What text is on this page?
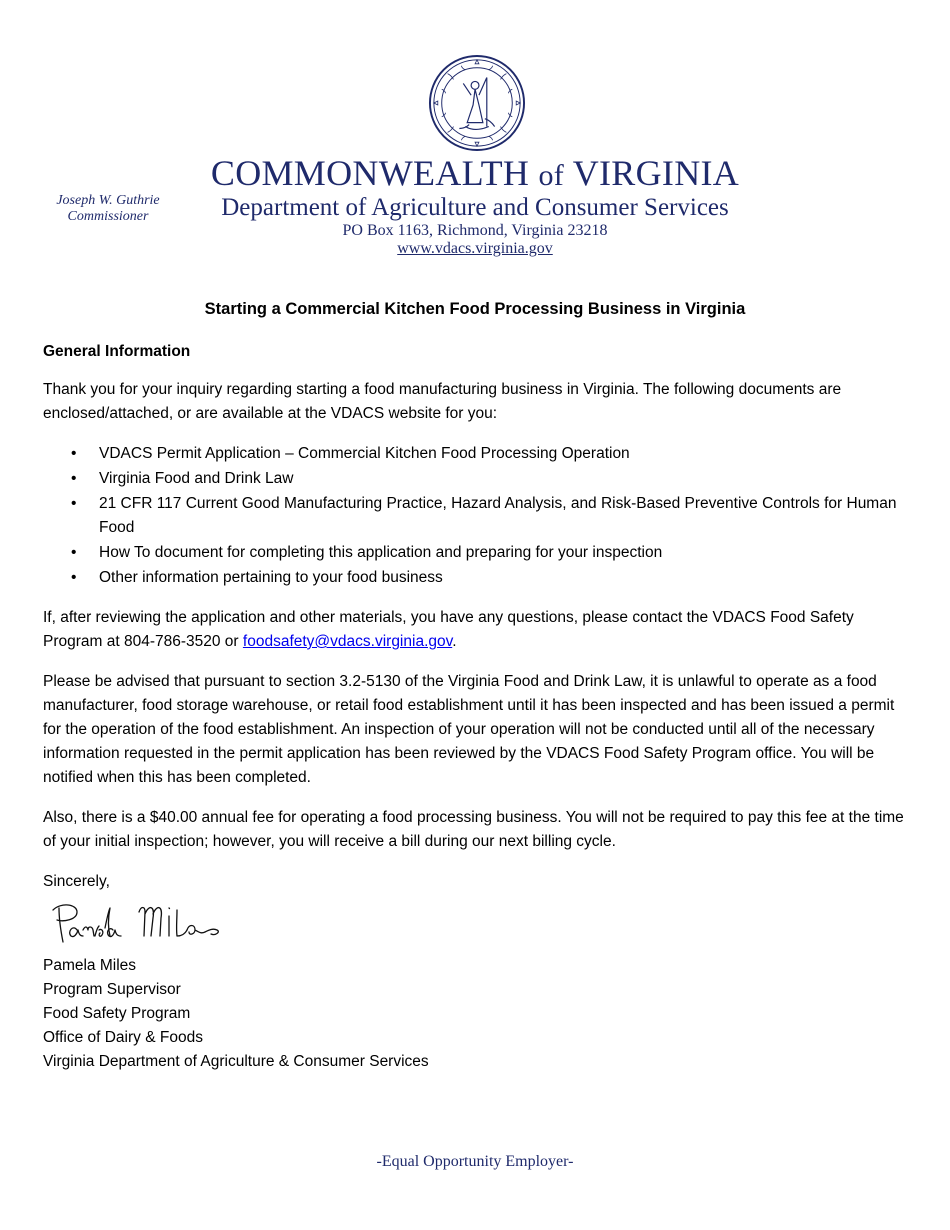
Joseph W. Guthrie
Commissioner
COMMONWEALTH of VIRGINIA
Department of Agriculture and Consumer Services
PO Box 1163, Richmond, Virginia 23218
www.vdacs.virginia.gov
Starting a Commercial Kitchen Food Processing Business in Virginia
General Information

Thank you for your inquiry regarding starting a food manufacturing business in Virginia. The following documents are enclosed/attached, or are available at the VDACS website for you:

• VDACS Permit Application – Commercial Kitchen Food Processing Operation
• Virginia Food and Drink Law
• 21 CFR 117 Current Good Manufacturing Practice, Hazard Analysis, and Risk-Based Preventive Controls for Human Food
• How To document for completing this application and preparing for your inspection
• Other information pertaining to your food business

If, after reviewing the application and other materials, you have any questions, please contact the VDACS Food Safety Program at 804-786-3520 or foodsafety@vdacs.virginia.gov.

Please be advised that pursuant to section 3.2-5130 of the Virginia Food and Drink Law, it is unlawful to operate as a food manufacturer, food storage warehouse, or retail food establishment until it has been inspected and has been issued a permit for the operation of the food establishment. An inspection of your operation will not be conducted until all of the necessary information requested in the permit application has been reviewed by the VDACS Food Safety Program office. You will be notified when this has been completed.

Also, there is a $40.00 annual fee for operating a food processing business. You will not be required to pay this fee at the time of your initial inspection; however, you will receive a bill during our next billing cycle.

Sincerely,
Pamela Miles
Program Supervisor
Food Safety Program
Office of Dairy & Foods
Virginia Department of Agriculture & Consumer Services
-Equal Opportunity Employer-
